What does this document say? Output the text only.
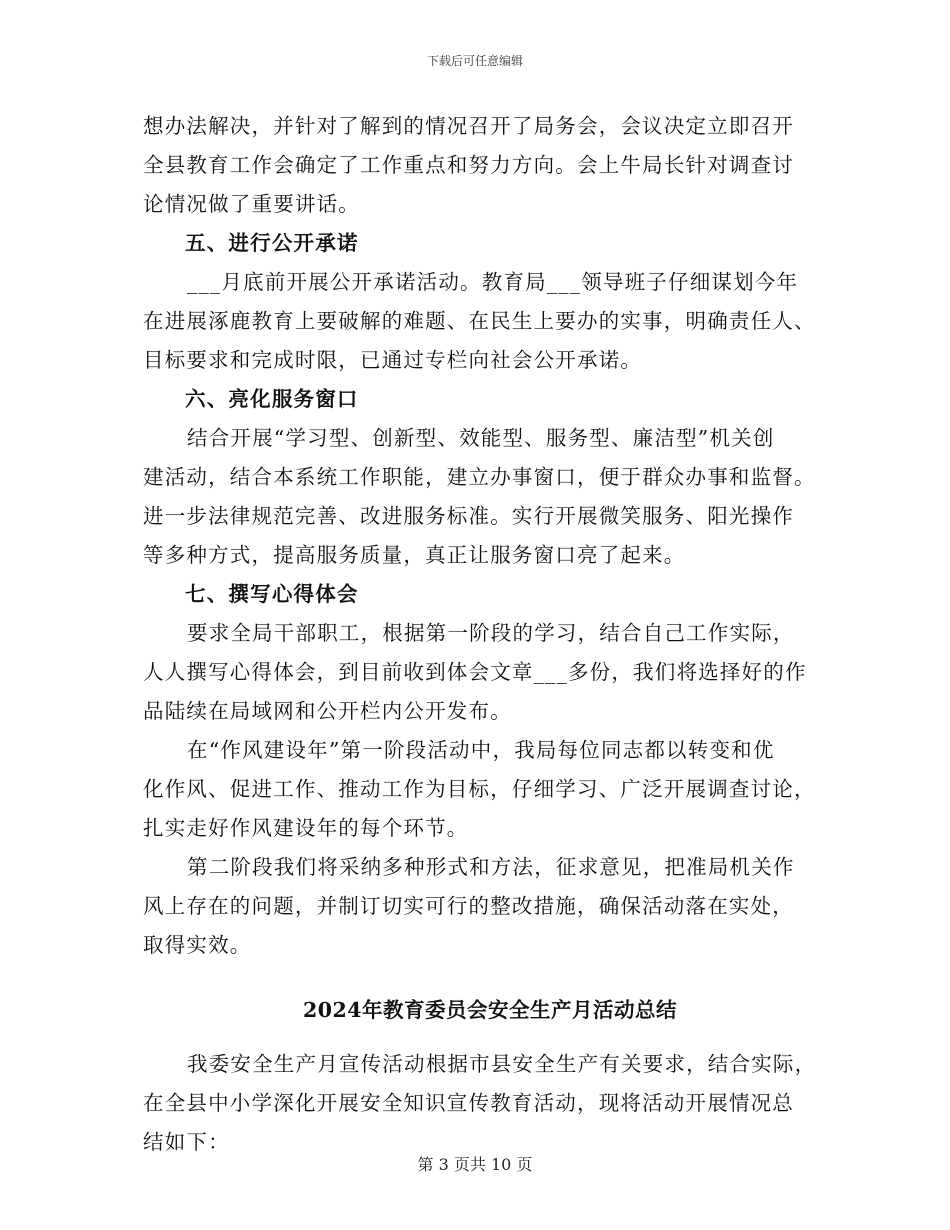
下载后可任意编辑

想办法解决，并针对了解到的情况召开了局务会，会议决定立即召开
全县教育工作会确定了工作重点和努力方向。会上牛局长针对调查讨
论情况做了重要讲话。

五、进行公开承诺

___月底前开展公开承诺活动。教育局___领导班子仔细谋划今年
在进展涿鹿教育上要破解的难题、在民生上要办的实事，明确责任人、
目标要求和完成时限，已通过专栏向社会公开承诺。

六、亮化服务窗口

结合开展“学习型、创新型、效能型、服务型、廉洁型”机关创
建活动，结合本系统工作职能，建立办事窗口，便于群众办事和监督。
进一步法律规范完善、改进服务标准。实行开展微笑服务、阳光操作
等多种方式，提高服务质量，真正让服务窗口亮了起来。

七、撰写心得体会

要求全局干部职工，根据第一阶段的学习，结合自己工作实际，
人人撰写心得体会，到目前收到体会文章___多份，我们将选择好的作
品陆续在局域网和公开栏内公开发布。

在“作风建设年”第一阶段活动中，我局每位同志都以转变和优
化作风、促进工作、推动工作为目标，仔细学习、广泛开展调查讨论，
扎实走好作风建设年的每个环节。

第二阶段我们将采纳多种形式和方法，征求意见，把准局机关作
风上存在的问题，并制订切实可行的整改措施，确保活动落在实处，
取得实效。

2024年教育委员会安全生产月活动总结

我委安全生产月宣传活动根据市县安全生产有关要求，结合实际，
在全县中小学深化开展安全知识宣传教育活动，现将活动开展情况总
结如下：

第 3 页共 10 页
